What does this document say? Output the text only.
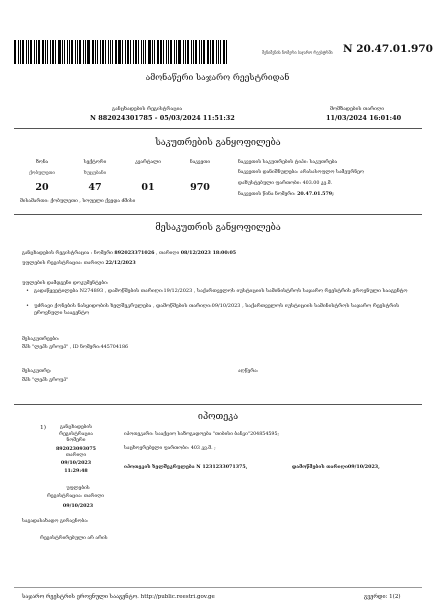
შენიშვნის ნომერი საჯარო რეესტრში N 20.47.01.970
ამონაწერი საჯარო რეესტრიდან
განცხადების რეგისტრაცია
N 882024301785 - 05/03/2024 11:51:32
მომზადების თარიღი
11/03/2024 16:01:40
საკუთრების განყოფილება
ზონა
ქობულეთი
20
სექტორი
ხუცუბანი
47
კვარტალი
01
ნაკვეთი
970
ნაკვეთის საკუთრების ტიპი: საკუთრება
ნაკვეთის დანიშნულება: არასასოფლო სამეურნეო
დაზუსტებული ფართობი: 403.00 კვ.მ.
ნაკვეთის წინა ნომერი: 20.47.01.579;
მისამართი: ქობულეთი , სოფელი ქვედა ძმისი
მესაკუთრის განყოფილება
განცხადების რეგისტრაცია : ნომერი 892023371026 , თარიღი 08/12/2023 18:00:05
უფლების რეგისტრაცია: თარიღი 22/12/2023
უფლების დამდგენი დოკუმენტები:
• გადაწყვეტილება N274893 , დამოწმების თარიღი:19/12/2023 , საქართველოს იუსტიციის სამინისტროს საჯარო რეესტრის ეროვნული სააგენტო
• უძრავი ქონების ნასყიდობის ხელშეკრულება , დამოწმების თარიღი:09/10/2023 , საქართველოს იუსტიციის სამინისტროს საჯარო რეესტრის ეროვნული სააგენტო
მესაკუთრეები:
შპს "ლეპს გროუპ" , ID ნომერი:445704186
მესაკუთრე:	აღწერა:
შპს "ლეპს გროუპ"
იპოთეკა
1)	განცხადების რეგისტრაცია ნომერი
892023093075
თარიღი
09/10/2023 11:29:48
იპოთეკარი: სააქციო საზოგადოება "თიბისი ბანკი"204854595;
საცხოვრებელი ფართობი: 403 კვ.მ. ;
იპოთეკის ხელშეკრულება N 1231233071375,	დამოწმების თარიღი09/10/2023,
უფლების
რეგისტრაცია: თარიღი
09/10/2023
საგადასახადო გირავნობა:
რეგისტრირებული არ არის
საჯარო რეესტრის ეროვნული სააგენტო. http://public.reestri.gov.ge	გვერდი: 1(2)
